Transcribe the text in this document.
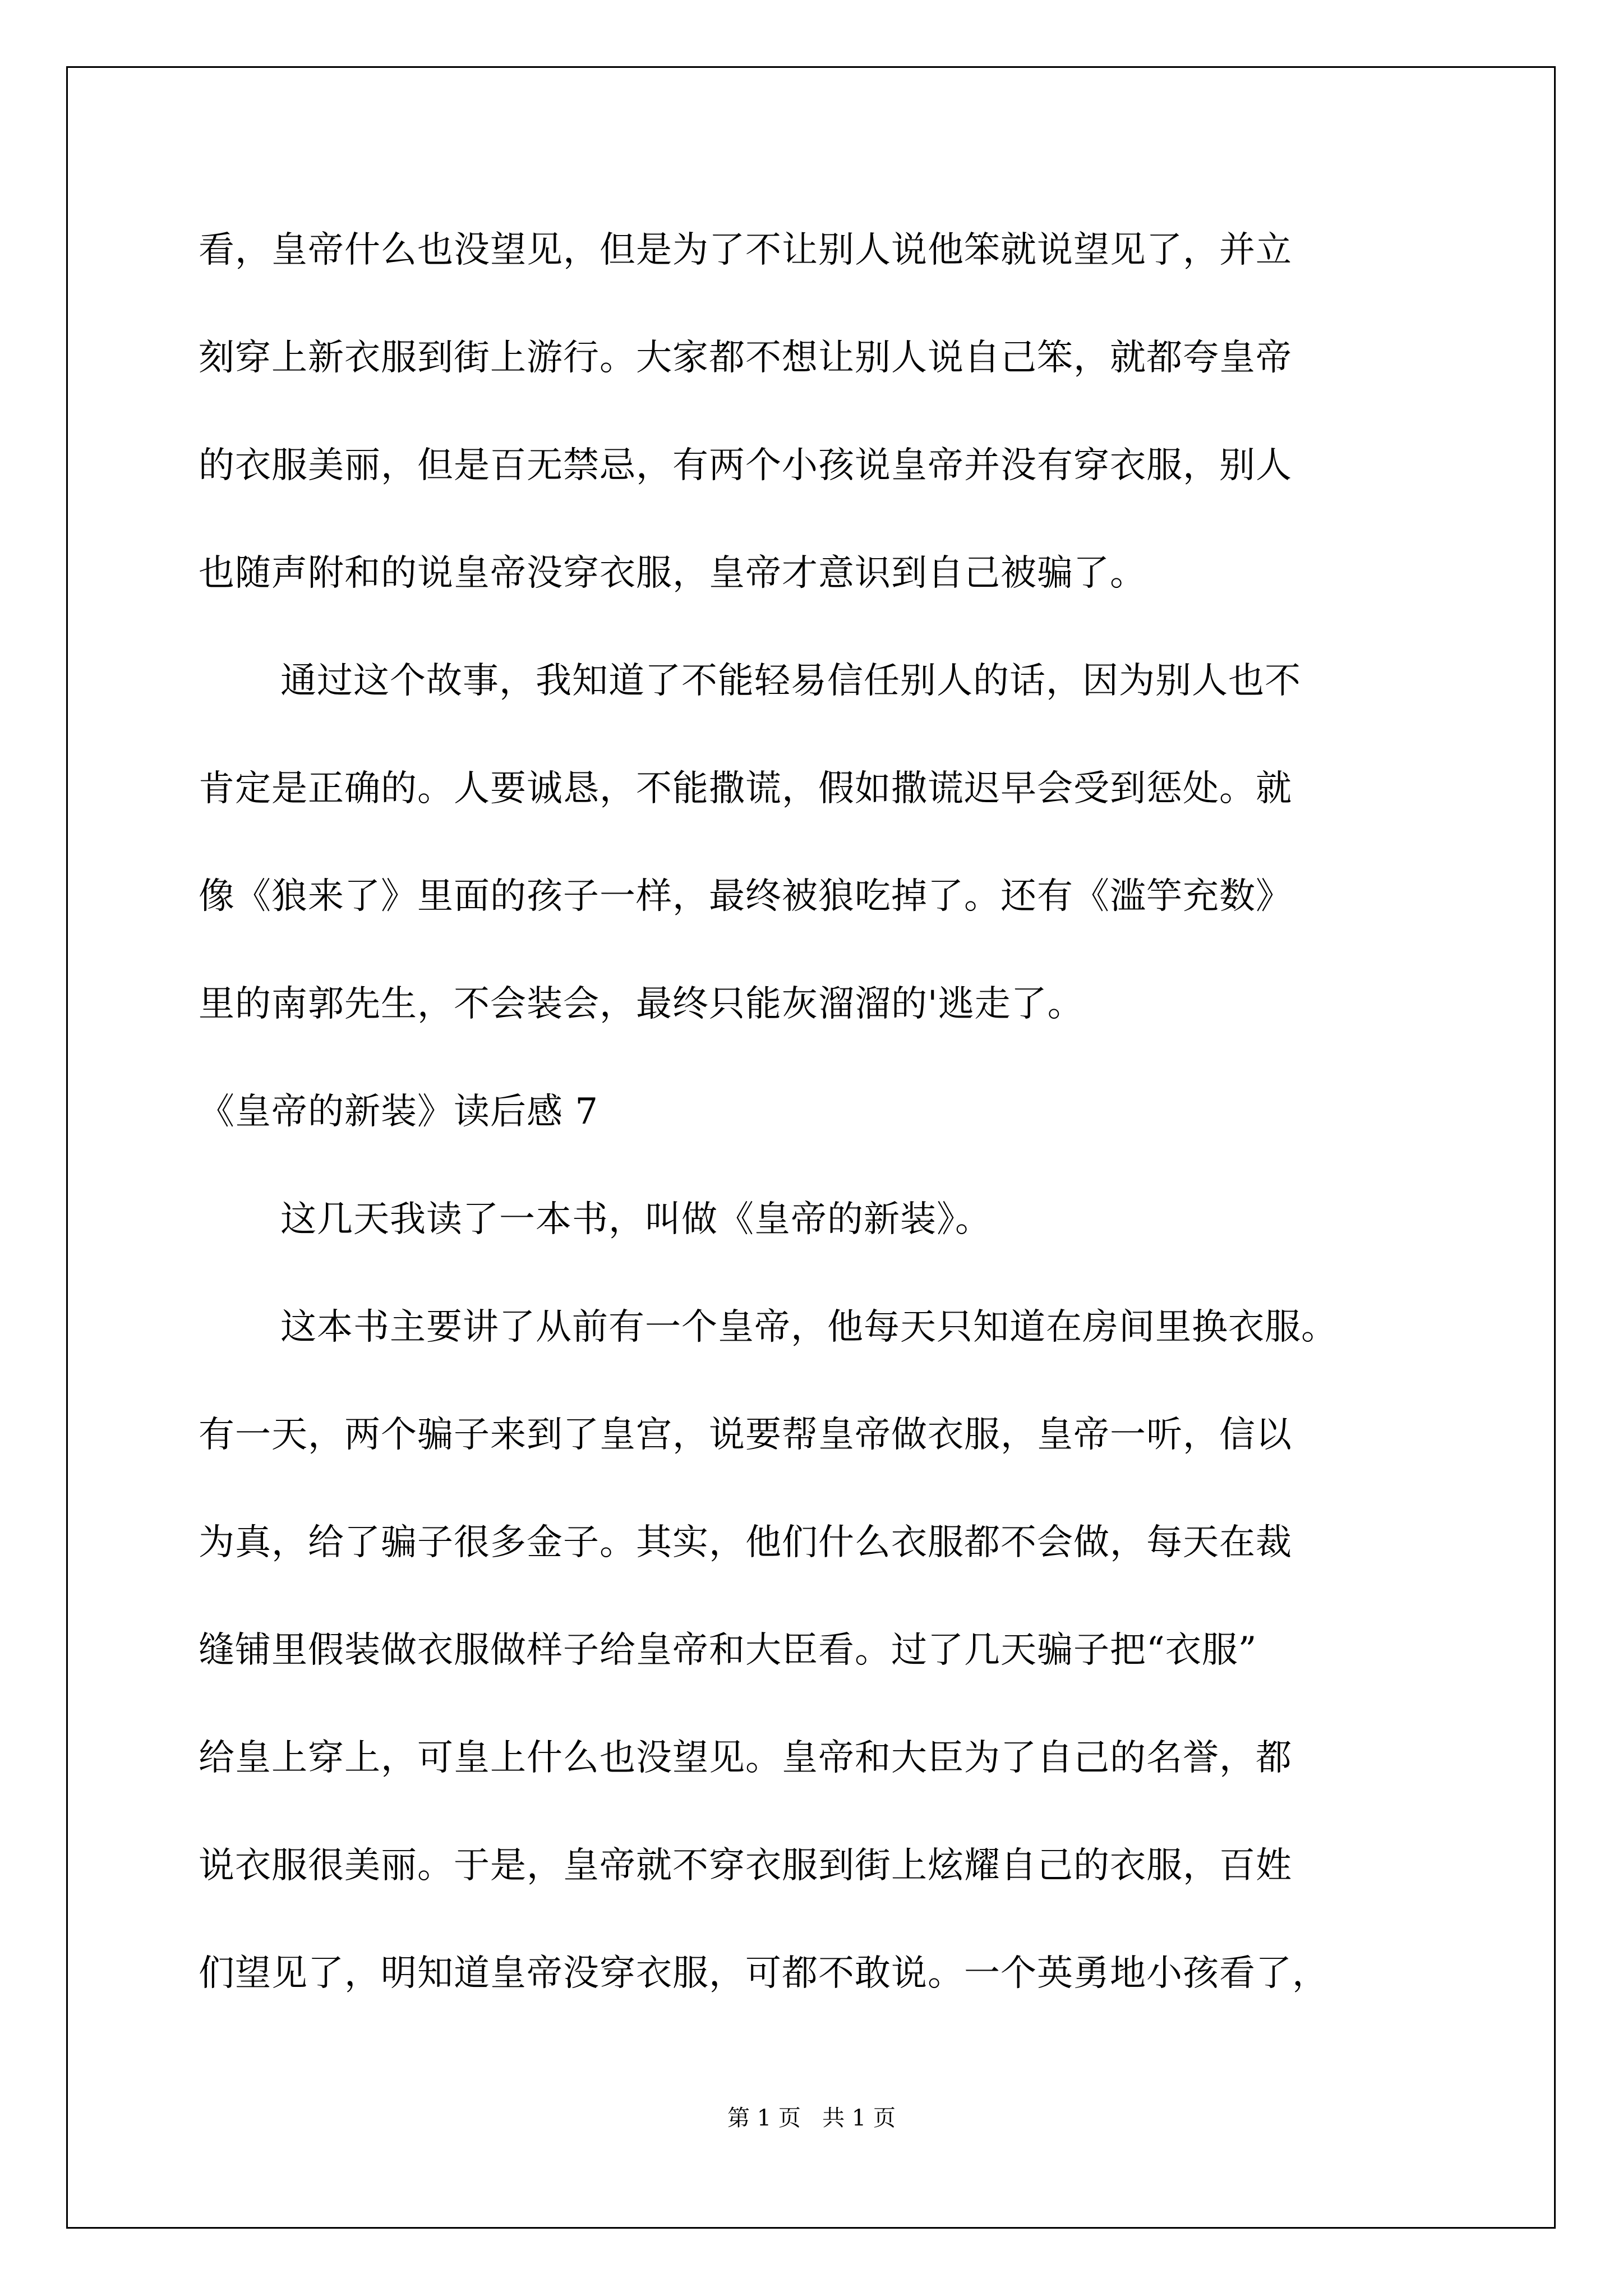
看，皇帝什么也没望见，但是为了不让别人说他笨就说望见了，并立
刻穿上新衣服到街上游行。大家都不想让别人说自己笨，就都夸皇帝
的衣服美丽，但是百无禁忌，有两个小孩说皇帝并没有穿衣服，别人
也随声附和的说皇帝没穿衣服，皇帝才意识到自己被骗了。
通过这个故事，我知道了不能轻易信任别人的话，因为别人也不
肯定是正确的。人要诚恳，不能撒谎，假如撒谎迟早会受到惩处。就
像《狼来了》里面的孩子一样，最终被狼吃掉了。还有《滥竽充数》
里的南郭先生，不会装会，最终只能灰溜溜的'逃走了。
《皇帝的新装》读后感 7
这几天我读了一本书，叫做《皇帝的新装》。
这本书主要讲了从前有一个皇帝，他每天只知道在房间里换衣服。
有一天，两个骗子来到了皇宫，说要帮皇帝做衣服，皇帝一听，信以
为真，给了骗子很多金子。其实，他们什么衣服都不会做，每天在裁
缝铺里假装做衣服做样子给皇帝和大臣看。过了几天骗子把“衣服”
给皇上穿上，可皇上什么也没望见。皇帝和大臣为了自己的名誉，都
说衣服很美丽。于是，皇帝就不穿衣服到街上炫耀自己的衣服，百姓
们望见了，明知道皇帝没穿衣服，可都不敢说。一个英勇地小孩看了，
第 1 页   共 1 页
